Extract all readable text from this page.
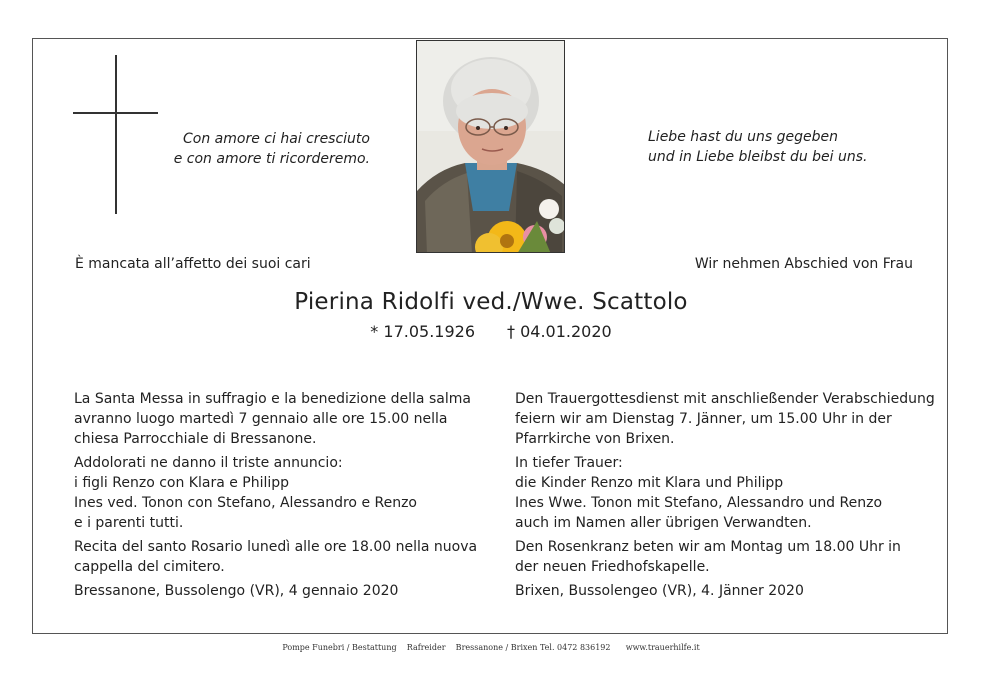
Con amore ci hai cresciuto
e con amore ti ricorderemo.
Liebe hast du uns gegeben
und in Liebe bleibst du bei uns.
È mancata all’affetto dei suoi cari	Wir nehmen Abschied von Frau
Pierina Ridolfi ved./Wwe. Scattolo
* 17.05.1926 † 04.01.2020

La Santa Messa in suffragio e la benedizione della salma
avranno luogo martedì 7 gennaio alle ore 15.00 nella
chiesa Parrocchiale di Bressanone.

Addolorati ne danno il triste annuncio:
i figli Renzo con Klara e Philipp
Ines ved. Tonon con Stefano, Alessandro e Renzo
e i parenti tutti.

Recita del santo Rosario lunedì alle ore 18.00 nella nuova
cappella del cimitero.

Bressanone, Bussolengo (VR), 4 gennaio 2020

Den Trauergottesdienst mit anschließender Verabschiedung
feiern wir am Dienstag 7. Jänner, um 15.00 Uhr in der
Pfarrkirche von Brixen.

In tiefer Trauer:
die Kinder Renzo mit Klara und Philipp
Ines Wwe. Tonon mit Stefano, Alessandro und Renzo
auch im Namen aller übrigen Verwandten.

Den Rosenkranz beten wir am Montag um 18.00 Uhr in
der neuen Friedhofskapelle.

Brixen, Bussolengeo (VR), 4. Jänner 2020

Pompe Funebri / Bestattung    Rafreider    Bressanone / Brixen Tel. 0472 836192      www.trauerhilfe.it
